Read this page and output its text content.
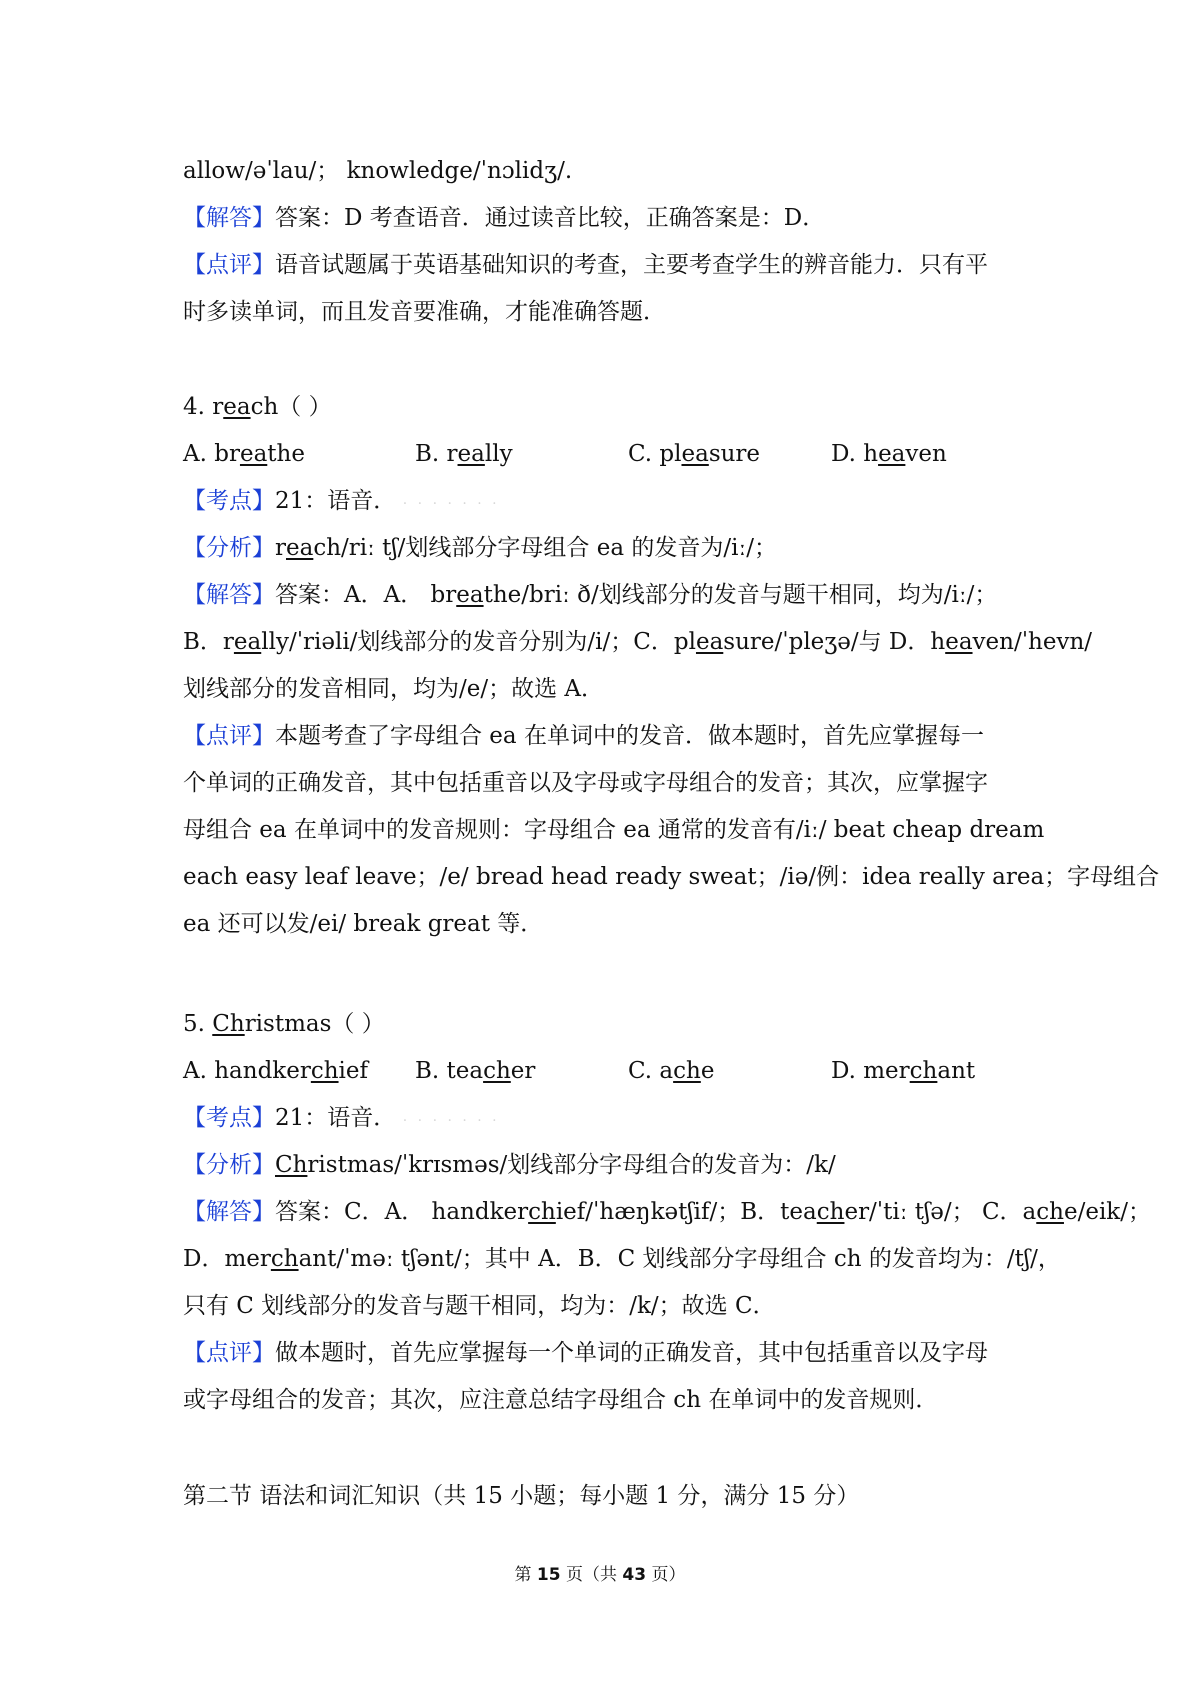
allow/əˈlau/； knowledge/ˈnɔlidʒ/.
【解答】答案：D 考查语音．通过读音比较，正确答案是：D．
【点评】语音试题属于英语基础知识的考查，主要考查学生的辨音能力．只有平
时多读单词，而且发音要准确，才能准确答题．
4. reach（ ）
A. breathe	B. really	C. pleasure	D. heaven
【考点】21：语音． · · · · · · ·
【分析】reach/riː tʃ/划线部分字母组合 ea 的发音为/iː/；
【解答】答案：A．A． breathe/briː ð/划线部分的发音与题干相同，均为/iː/；
B．really/ˈriəli/划线部分的发音分别为/i/；C．pleasure/ˈpleʒə/与 D．heaven/ˈhevn/
划线部分的发音相同，均为/e/；故选 A．
【点评】本题考查了字母组合 ea 在单词中的发音．做本题时，首先应掌握每一
个单词的正确发音，其中包括重音以及字母或字母组合的发音；其次，应掌握字
母组合 ea 在单词中的发音规则：字母组合 ea 通常的发音有/iː/ beat cheap dream
each easy leaf leave；/e/ bread head ready sweat；/iə/例：idea really area；字母组合
ea 还可以发/ei/ break great 等．
5. Christmas（ ）
A. handkerchief B. teacher	C. ache	D. merchant
【考点】21：语音． · · · · · · ·
【分析】Christmas/ˈkrɪsməs/划线部分字母组合的发音为：/k/
【解答】答案：C．A． handkerchief/ˈhæŋkətʃif/；B．teacher/ˈtiː tʃə/； C．ache/eik/；
D．merchant/ˈməː tʃənt/；其中 A．B．C 划线部分字母组合 ch 的发音均为：/tʃ/，
只有 C 划线部分的发音与题干相同，均为：/k/；故选 C．
【点评】做本题时，首先应掌握每一个单词的正确发音，其中包括重音以及字母
或字母组合的发音；其次，应注意总结字母组合 ch 在单词中的发音规则．
第二节 语法和词汇知识（共 15 小题；每小题 1 分，满分 15 分）
第 15 页（共 43 页）
